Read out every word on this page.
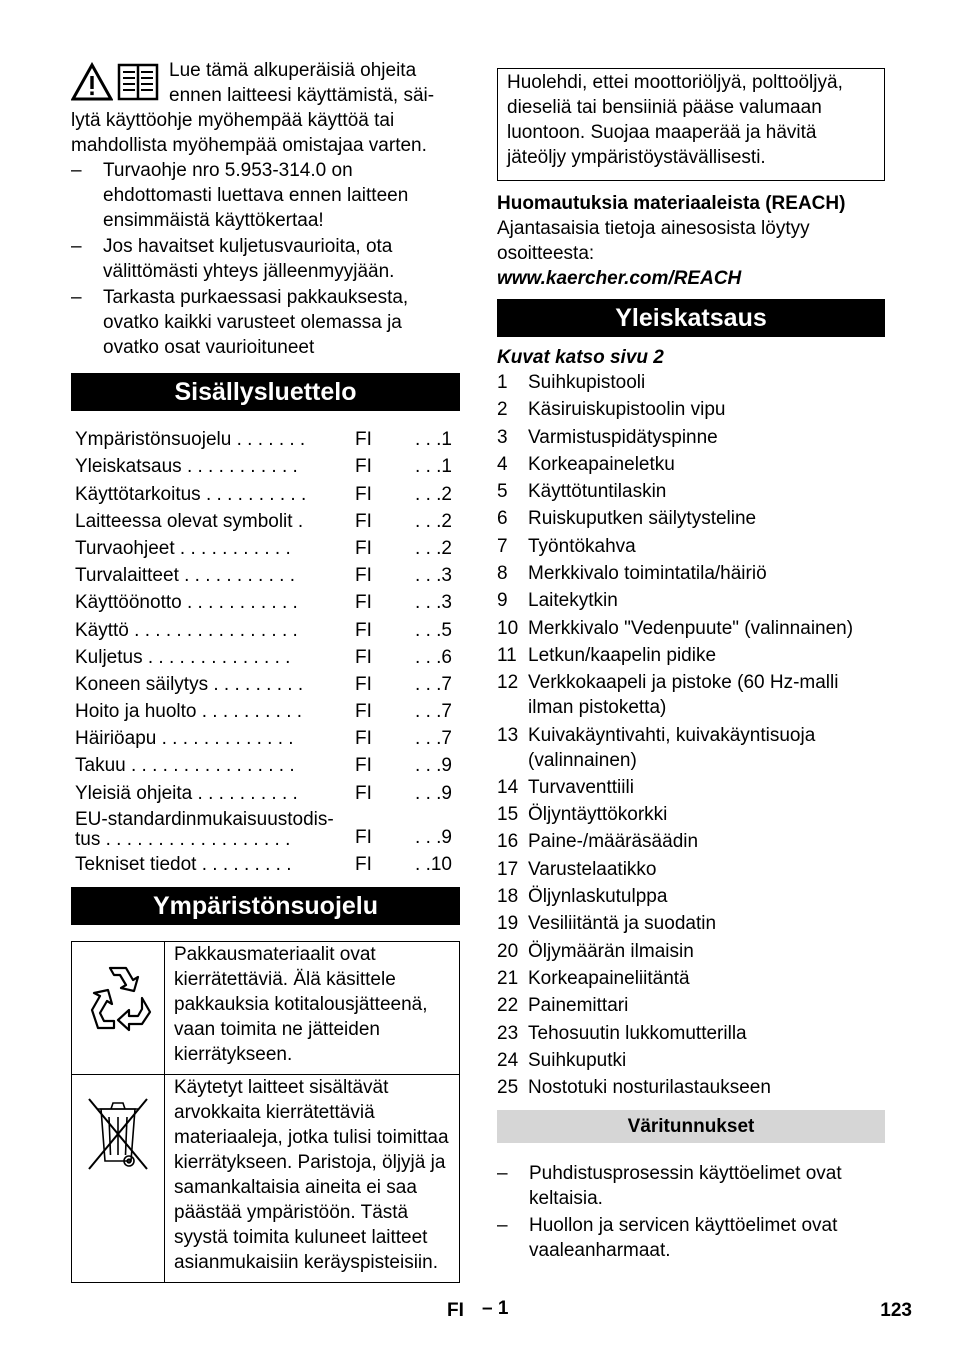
Lue tämä alkuperäisiä ohjeita
ennen laitteesi käyttämistä, säi-
lytä käyttöohje myöhempää käyttöä tai
mahdollista myöhempää omistajaa varten.

– Turvaohje nro 5.953-314.0 on ehdottomasti luettava ennen laitteen ensimmäistä käyttökertaa!
– Jos havaitset kuljetusvaurioita, ota välittömästi yhteys jälleenmyyjään.
– Tarkasta purkaessasi pakkauksesta, ovatko kaikki varusteet olemassa ja ovatko osat vaurioituneet
Sisällysluettelo
Ympäristönsuojelu . . . . . . .	FI	. . .1
Yleiskatsaus . . . . . . . . . . .	FI	. . .1
Käyttötarkoitus . . . . . . . . . .	FI	. . .2
Laitteessa olevat symbolit .	FI	. . .2
Turvaohjeet . . . . . . . . . . .	FI	. . .2
Turvalaitteet . . . . . . . . . . .	FI	. . .3
Käyttöönotto . . . . . . . . . . .	FI	. . .3
Käyttö . . . . . . . . . . . . . . . .	FI	. . .5
Kuljetus . . . . . . . . . . . . . .	FI	. . .6
Koneen säilytys . . . . . . . . .	FI	. . .7
Hoito ja huolto . . . . . . . . . .	FI	. . .7
Häiriöapu . . . . . . . . . . . . .	FI	. . .7
Takuu . . . . . . . . . . . . . . . .	FI	. . .9
Yleisiä ohjeita . . . . . . . . . .	FI	. . .9
EU-standardinmukaisuustodis-
tus . . . . . . . . . . . . . . . . . .	FI	. . .9
Tekniset tiedot . . . . . . . . .	FI	. .10
Ympäristönsuojelu
	Pakkausmateriaalit ovat kierrätettäviä. Älä käsittele pakkauksia kotitalousjätteenä, vaan toimita ne jätteiden kierrätykseen.
	Käytetyt laitteet sisältävät arvokkaita kierrätettäviä materiaaleja, jotka tulisi toimittaa kierrätykseen. Paristoja, öljyjä ja samankaltaisia aineita ei saa päästää ympäristöön. Tästä syystä toimita kuluneet laitteet asianmukaisiin keräyspisteisiin.
Huolehdi, ettei moottoriöljyä, polttoöljyä, dieseliä tai bensiiniä pääse valumaan luontoon. Suojaa maaperää ja hävitä jäteöljy ympäristöystävällisesti.
Huomautuksia materiaaleista (REACH)
Ajantasaisia tietoja ainesosista löytyy osoitteesta:
www.kaercher.com/REACH
Yleiskatsaus
Kuvat katso sivu 2
1 Suihkupistooli
2 Käsiruiskupistoolin vipu
3 Varmistuspidätyspinne
4 Korkeapaineletku
5 Käyttötuntilaskin
6 Ruiskuputken säilytysteline
7 Työntökahva
8 Merkkivalo toimintatila/häiriö
9 Laitekytkin
10 Merkkivalo "Vedenpuute" (valinnainen)
11 Letkun/kaapelin pidike
12 Verkkokaapeli ja pistoke (60 Hz-malli ilman pistoketta)
13 Kuivakäyntivahti, kuivakäyntisuoja (valinnainen)
14 Turvaventtiili
15 Öljyntäyttökorkki
16 Paine-/määräsäädin
17 Varustelaatikko
18 Öljynlaskutulppa
19 Vesiliitäntä ja suodatin
20 Öljymäärän ilmaisin
21 Korkeapaineliitäntä
22 Painemittari
23 Tehosuutin lukkomutterilla
24 Suihkuputki
25 Nostotuki nosturilastaukseen
Väritunnukset
– Puhdistusprosessin käyttöelimet ovat keltaisia.
– Huollon ja servicen käyttöelimet ovat vaaleanharmaat.
FI – 1	123
